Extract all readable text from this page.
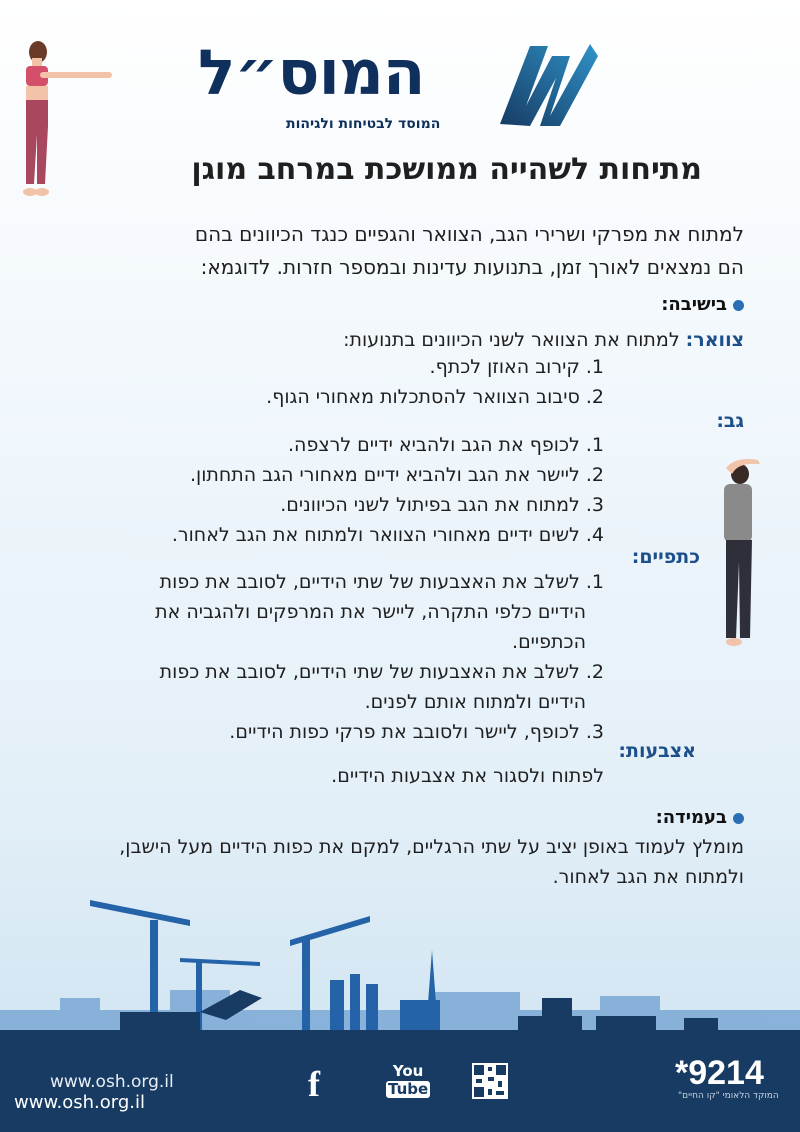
המוס״ל
המוסד לבטיחות ולגיהות
מתיחות לשהייה ממושכת במרחב מוגן
למתוח את מפרקי ושרירי הגב, הצוואר והגפיים כנגד הכיוונים בהם
הם נמצאים לאורך זמן, בתנועות עדינות ובמספר חזרות. לדוגמא:
בישיבה:
צוואר: למתוח את הצוואר לשני הכיוונים בתנועות:
1. קירוב האוזן לכתף.
2. סיבוב הצוואר להסתכלות מאחורי הגוף.
גב:
1. לכופף את הגב ולהביא ידיים לרצפה.
2. ליישר את הגב ולהביא ידיים מאחורי הגב התחתון.
3. למתוח את הגב בפיתול לשני הכיוונים.
4. לשים ידיים מאחורי הצוואר ולמתוח את הגב לאחור.
כתפיים:
1. לשלב את האצבעות של שתי הידיים, לסובב את כפות
הידיים כלפי התקרה, ליישר את המרפקים ולהגביה את
הכתפיים.
2. לשלב את האצבעות של שתי הידיים, לסובב את כפות
הידיים ולמתוח אותם לפנים.
3. לכופף, ליישר ולסובב את פרקי כפות הידיים.
אצבעות:
לפתוח ולסגור את אצבעות הידיים.
בעמידה:
מומלץ לעמוד באופן יציב על שתי הרגליים, למקם את כפות הידיים מעל הישבן,
ולמתוח את הגב לאחור.
www.osh.org.il
www.osh.org.il	f	You
Tube	*9214
המוקד הלאומי "קו החיים"
